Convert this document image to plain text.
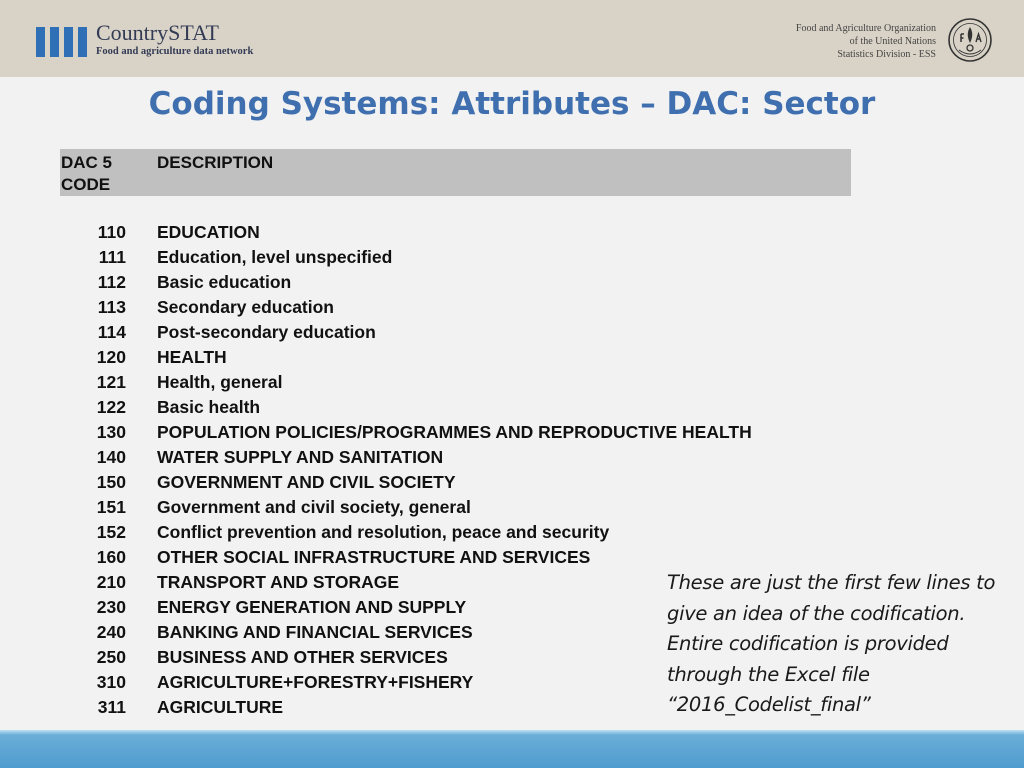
CountrySTAT
Food and agriculture data network
Food and Agriculture Organization
of the United Nations
Statistics Division - ESS
Coding Systems: Attributes – DAC: Sector
DAC 5 CODE
DESCRIPTION
110 EDUCATION
111 Education, level unspecified
112 Basic education
113 Secondary education
114 Post-secondary education
120 HEALTH
121 Health, general
122 Basic health
130 POPULATION POLICIES/PROGRAMMES AND REPRODUCTIVE HEALTH
140 WATER SUPPLY AND SANITATION
150 GOVERNMENT AND CIVIL SOCIETY
151 Government and civil society, general
152 Conflict prevention and resolution, peace and security
160 OTHER SOCIAL INFRASTRUCTURE AND SERVICES
210 TRANSPORT AND STORAGE
230 ENERGY GENERATION AND SUPPLY
240 BANKING AND FINANCIAL SERVICES
250 BUSINESS AND OTHER SERVICES
310 AGRICULTURE+FORESTRY+FISHERY
311 AGRICULTURE
These are just the first few lines to give an idea of the codification. Entire codification is provided through the Excel file “2016_Codelist_final”
